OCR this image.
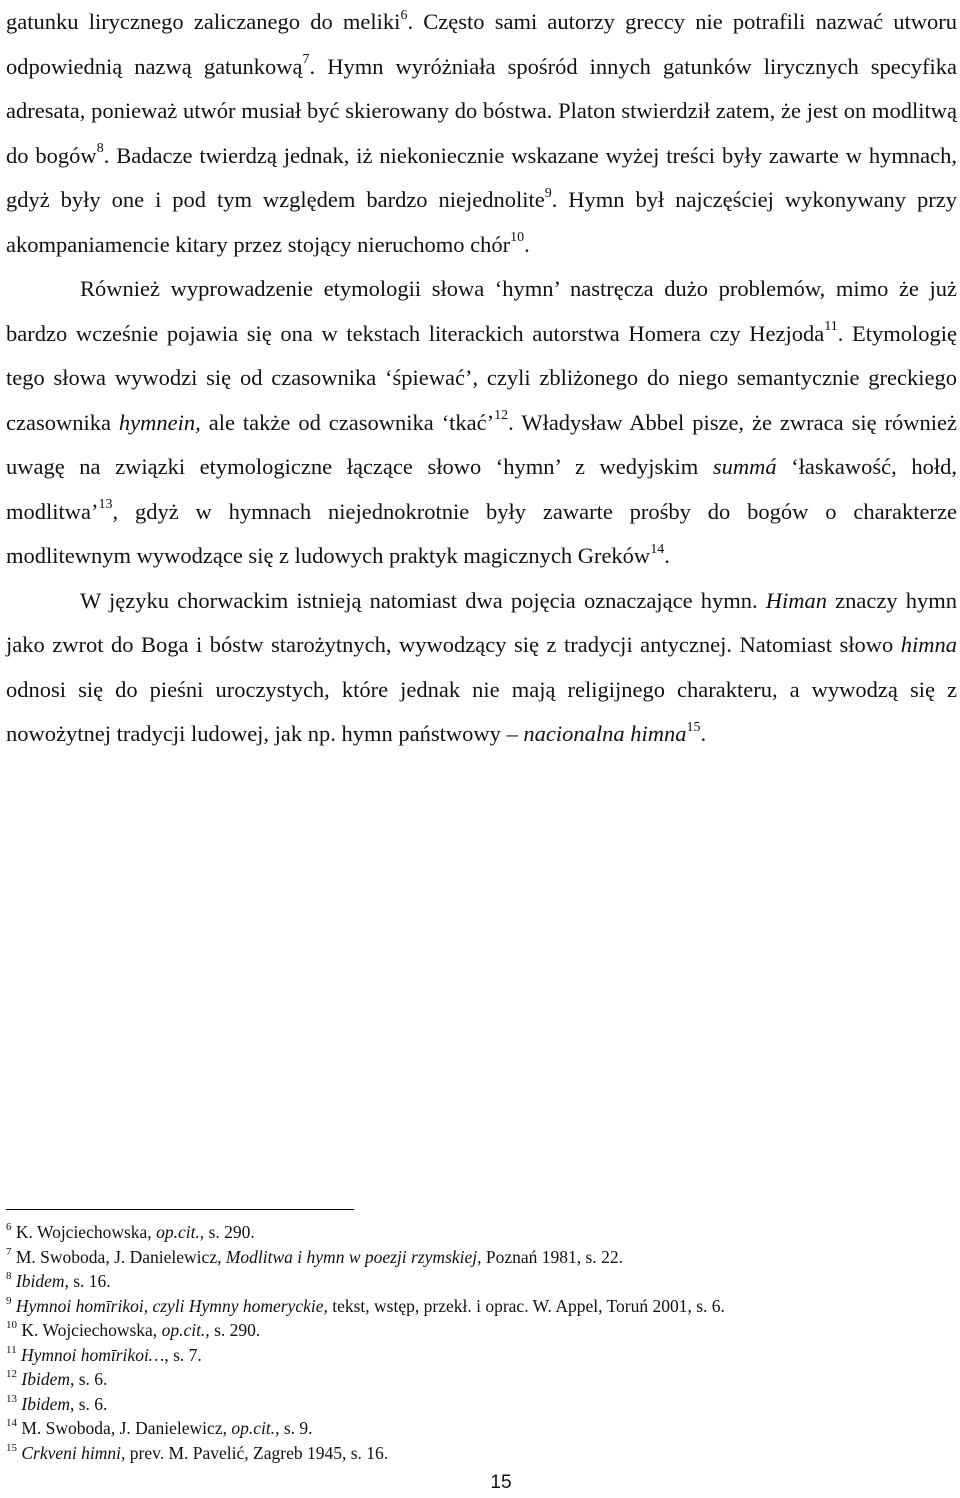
gatunku lirycznego zaliczanego do meliki$^6$. Często sami autorzy greccy nie potrafili nazwać utworu odpowiednią nazwą gatunkową$^7$. Hymn wyróżniała spośród innych gatunków lirycznych specyfika adresata, ponieważ utwór musiał być skierowany do bóstwa. Platon stwierdził zatem, że jest on modlitwą do bogów$^8$. Badacze twierdzą jednak, iż niekoniecznie wskazane wyżej treści były zawarte w hymnach, gdyż były one i pod tym względem bardzo niejednolite$^9$. Hymn był najczęściej wykonywany przy akompaniamencie kitary przez stojący nieruchomo chór$^{10}$.

Również wyprowadzenie etymologii słowa ‘hymn’ nastręcza dużo problemów, mimo że już bardzo wcześnie pojawia się ona w tekstach literackich autorstwa Homera czy Hezjoda$^{11}$. Etymologię tego słowa wywodzi się od czasownika ‘śpiewać’, czyli zbliżonego do niego semantycznie greckiego czasownika hymnein, ale także od czasownika ‘tkać’$^{12}$. Władysław Abbel pisze, że zwraca się również uwagę na związki etymologiczne łączące słowo ‘hymn’ z wedyjskim summá ‘łaskawość, hołd, modlitwa’$^{13}$, gdyż w hymnach niejednokrotnie były zawarte prośby do bogów o charakterze modlitewnym wywodzące się z ludowych praktyk magicznych Greków$^{14}$.

W języku chorwackim istnieją natomiast dwa pojęcia oznaczające hymn. Himan znaczy hymn jako zwrot do Boga i bóstw starożytnych, wywodzący się z tradycji antycznej. Natomiast słowo himna odnosi się do pieśni uroczystych, które jednak nie mają religijnego charakteru, a wywodzą się z nowożytnej tradycji ludowej, jak np. hymn państwowy – nacionalna himna$^{15}$.

$^6$ K. Wojciechowska, op.cit., s. 290.
$^7$ M. Swoboda, J. Danielewicz, Modlitwa i hymn w poezji rzymskiej, Poznań 1981, s. 22.
$^8$ Ibidem, s. 16.
$^9$ Hymnoi homīrikoi, czyli Hymny homeryckie, tekst, wstęp, przekł. i oprac. W. Appel, Toruń 2001, s. 6.
$^{10}$ K. Wojciechowska, op.cit., s. 290.
$^{11}$ Hymnoi homīrikoi…, s. 7.
$^{12}$ Ibidem, s. 6.
$^{13}$ Ibidem, s. 6.
$^{14}$ M. Swoboda, J. Danielewicz, op.cit., s. 9.
$^{15}$ Crkveni himni, prev. M. Pavelić, Zagreb 1945, s. 16.
15
